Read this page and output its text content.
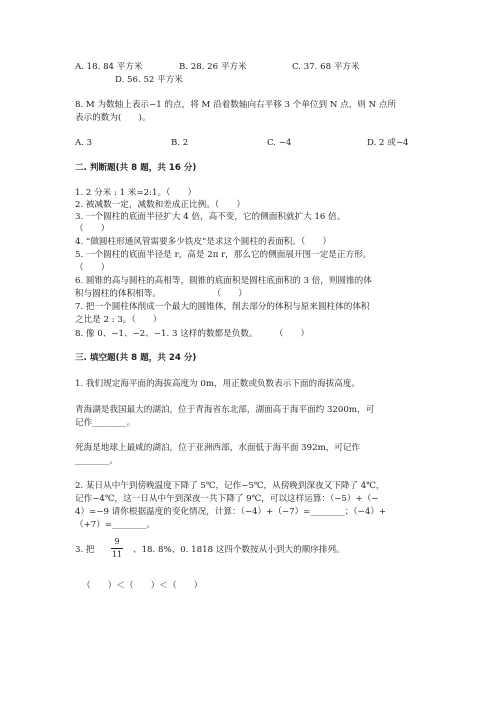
A. 18. 84 平方米	B. 28. 26 平方米	C. 37. 68 平方米
D. 56. 52 平方米
8. M 为数轴上表示−1 的点，将 M 沿着数轴向右平移 3 个单位到 N 点，则 N 点所
表示的数为(　　)。
A. 3	B. 2	C. −4	D. 2 或−4
二. 判断题(共 8 题，共 16 分)
1. 2 分米 : 1 米=2:1。（　　）
2. 被减数一定，减数和差成正比例。（　　）
3. 一个圆柱的底面半径扩大 4 倍，高不变，它的侧面积就扩大 16 倍。
（　　）
4. “做圆柱形通风管需要多少铁皮”是求这个圆柱的表面积。（　　）
5. 一个圆柱的底面半径是 r，高是 2π r，那么它的侧面展开图一定是正方形。
（　　）
6. 圆锥的高与圆柱的高相等，圆锥的底面积是圆柱底面积的 3 倍，则圆锥的体
积与圆柱的体积相等。　　　　　　　（　　）
7. 把一个圆柱体削成一个最大的圆锥体，削去部分的体积与原来圆柱体的体积
之比是 2 : 3。（　　）
8. 像 0、−1、−2、−1. 3 这样的数都是负数。　　　（　　）
三. 填空题(共 8 题，共 24 分)
1. 我们规定海平面的海拔高度为 0m，用正数或负数表示下面的海拔高度。
青海湖是我国最大的湖泊，位于青海省东北部，湖面高于海平面约 3200m，可
记作________。
死海是地球上最咸的湖泊，位于亚洲西部，水面低于海平面 392m，可记作
________。
2. 某日从中午到傍晚温度下降了 5℃，记作−5℃，从傍晚到深夜又下降了 4℃，
记作−4℃，这一日从中午到深夜一共下降了 9℃，可以这样运算：（−5）+（−
4）=−9 请你根据温度的变化情况，计算：（−4）+（−7）=________；（−4）+
（+7）=________。
3. 把
9
11 、18. 8%、0. 1818 这四个数按从小到大的顺序排列。
（　　）＜（　　）＜（　　）
